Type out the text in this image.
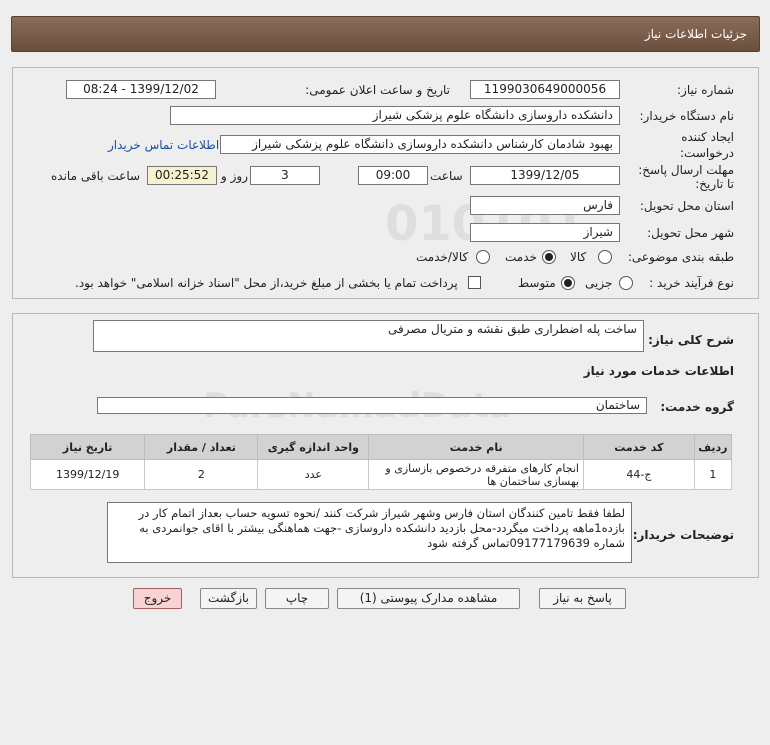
جزئیات اطلاعات نیاز
شماره نیاز:
1199030649000056
تاریخ و ساعت اعلان عمومی:
1399/12/02 - 08:24
نام دستگاه خریدار:
دانشکده داروسازی دانشگاه علوم پزشکی شیراز
ایجاد کننده
درخواست:
بهبود شادمان کارشناس دانشکده داروسازی دانشگاه علوم پزشکی شیراز
اطلاعات تماس خریدار
مهلت ارسال پاسخ:
تا تاریخ:
1399/12/05
ساعت
09:00
3
روز و
00:25:52
ساعت باقی مانده
استان محل تحویل:
فارس
شهر محل تحویل:
شیراز
طبقه بندی موضوعی:
کالا
خدمت
کالا/خدمت
نوع فرآیند خرید :
جزیی
متوسط
پرداخت تمام یا بخشی از مبلغ خرید،از محل "اسناد خزانه اسلامی" خواهد بود.
شرح کلی نیاز:
ساخت پله اضطراری طبق نقشه و متریال مصرفی
اطلاعات خدمات مورد نیاز
گروه خدمت:
ساختمان
ردیف	کد خدمت	نام خدمت	واحد اندازه گیری	تعداد / مقدار	تاریخ نیاز
1	ج-44	انجام کارهای متفرقه درخصوص بازسازی و بهسازی ساختمان ها	عدد	2	1399/12/19
توضیحات خریدار:
لطفا فقط تامین کنندگان استان فارس وشهر شیراز شرکت کنند /نحوه تسویه حساب بعداز اتمام کار در بازده1ماهه پرداخت میگردد-محل بازدید دانشکده داروسازی -جهت هماهنگی بیشتر با اقای جوانمردی به شماره 09177179639تماس گرفته شود
پاسخ به نیاز
مشاهده مدارک پیوستی (1)
چاپ
بازگشت
خروج
